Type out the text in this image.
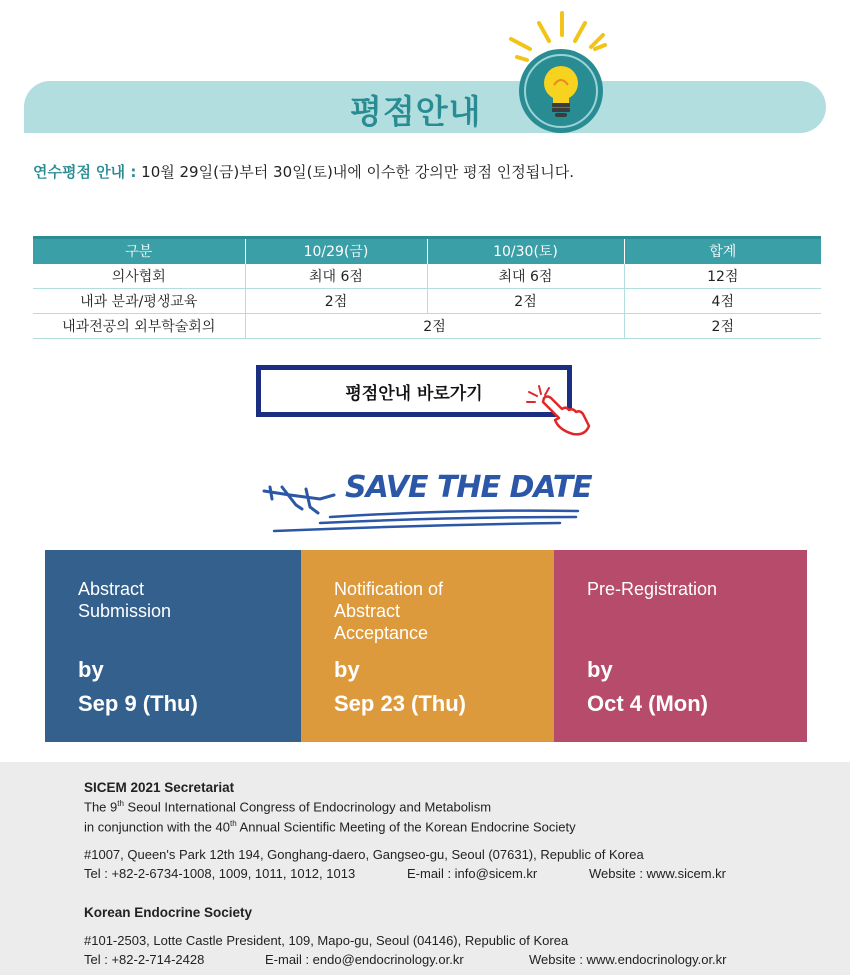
평점안내
연수평점 안내 : 10월 29일(금)부터 30일(토)내에 이수한 강의만 평점 인정됩니다.
구분	10/29(금)	10/30(토)	합계
의사협회	최대 6점	최대 6점	12점
내과 분과/평생교육	2점	2점	4점
내과전공의 외부학술회의	2점		2점
평점안내 바로가기
SAVE THE DATE
Abstract
Submission
by
Sep 9 (Thu)
Notification of
Abstract
Acceptance
by
Sep 23 (Thu)
Pre-Registration
by
Oct 4 (Mon)
SICEM 2021 Secretariat
The 9th Seoul International Congress of Endocrinology and Metabolism
in conjunction with the 40th Annual Scientific Meeting of the Korean Endocrine Society
#1007, Queen's Park 12th 194, Gonghang-daero, Gangseo-gu, Seoul (07631), Republic of Korea
Tel : +82-2-6734-1008, 1009, 1011, 1012, 1013	E-mail : info@sicem.kr	Website : www.sicem.kr
Korean Endocrine Society
#101-2503, Lotte Castle President, 109, Mapo-gu, Seoul (04146), Republic of Korea
Tel : +82-2-714-2428	E-mail : endo@endocrinology.or.kr	Website : www.endocrinology.or.kr
